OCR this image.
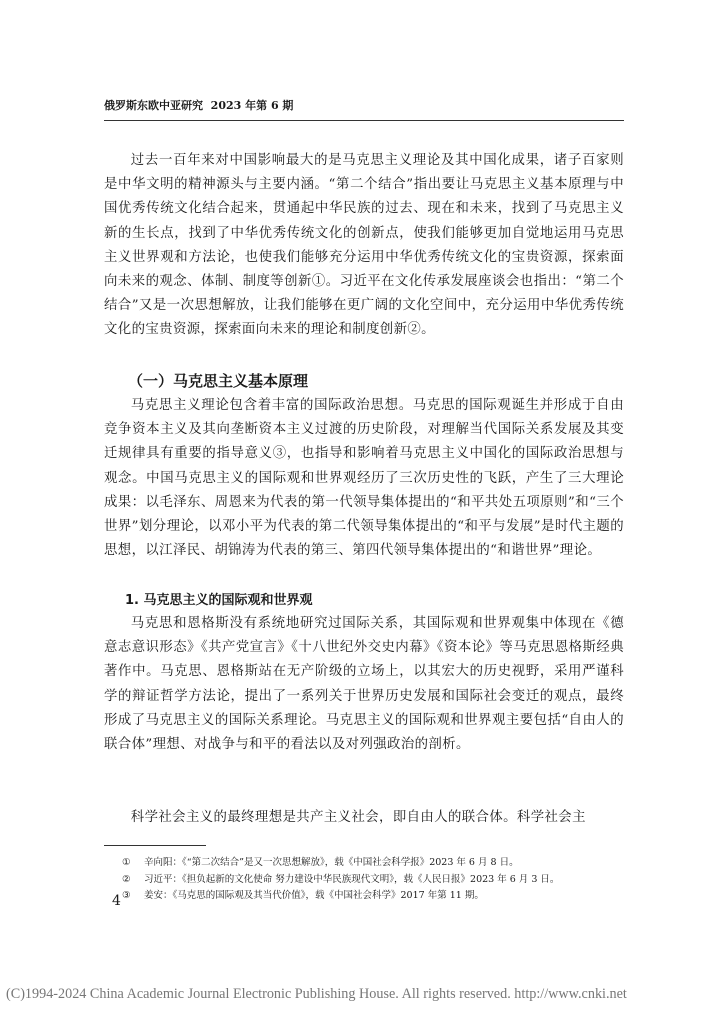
俄罗斯东欧中亚研究 2023 年第 6 期

过去一百年来对中国影响最大的是马克思主义理论及其中国化成果，诸子百家则是中华文明的精神源头与主要内涵。“第二个结合”指出要让马克思主义基本原理与中国优秀传统文化结合起来，贯通起中华民族的过去、现在和未来，找到了马克思主义新的生长点，找到了中华优秀传统文化的创新点，使我们能够更加自觉地运用马克思主义世界观和方法论，也使我们能够充分运用中华优秀传统文化的宝贵资源，探索面向未来的观念、体制、制度等创新①。习近平在文化传承发展座谈会也指出：“第二个结合”又是一次思想解放，让我们能够在更广阔的文化空间中，充分运用中华优秀传统文化的宝贵资源，探索面向未来的理论和制度创新②。

（一）马克思主义基本原理

马克思主义理论包含着丰富的国际政治思想。马克思的国际观诞生并形成于自由竞争资本主义及其向垄断资本主义过渡的历史阶段，对理解当代国际关系发展及其变迁规律具有重要的指导意义③，也指导和影响着马克思主义中国化的国际政治思想与观念。中国马克思主义的国际观和世界观经历了三次历史性的飞跃，产生了三大理论成果：以毛泽东、周恩来为代表的第一代领导集体提出的“和平共处五项原则”和“三个世界”划分理论，以邓小平为代表的第二代领导集体提出的“和平与发展”是时代主题的思想，以江泽民、胡锦涛为代表的第三、第四代领导集体提出的“和谐世界”理论。

1. 马克思主义的国际观和世界观

马克思和恩格斯没有系统地研究过国际关系，其国际观和世界观集中体现在《德意志意识形态》《共产党宣言》《十八世纪外交史内幕》《资本论》等马克思恩格斯经典著作中。马克思、恩格斯站在无产阶级的立场上，以其宏大的历史视野，采用严谨科学的辩证哲学方法论，提出了一系列关于世界历史发展和国际社会变迁的观点，最终形成了马克思主义的国际关系理论。马克思主义的国际观和世界观主要包括“自由人的联合体”理想、对战争与和平的看法以及对列强政治的剖析。

科学社会主义的最终理想是共产主义社会，即自由人的联合体。科学社会主

① 辛向阳：《“第二次结合”是又一次思想解放》，载《中国社会科学报》2023 年 6 月 8 日。
② 习近平：《担负起新的文化使命 努力建设中华民族现代文明》，载《人民日报》2023 年 6 月 3 日。
③ 姜安：《马克思的国际观及其当代价值》，载《中国社会科学》2017 年第 11 期。
4
(C)1994-2024 China Academic Journal Electronic Publishing House. All rights reserved. http://www.cnki.net
